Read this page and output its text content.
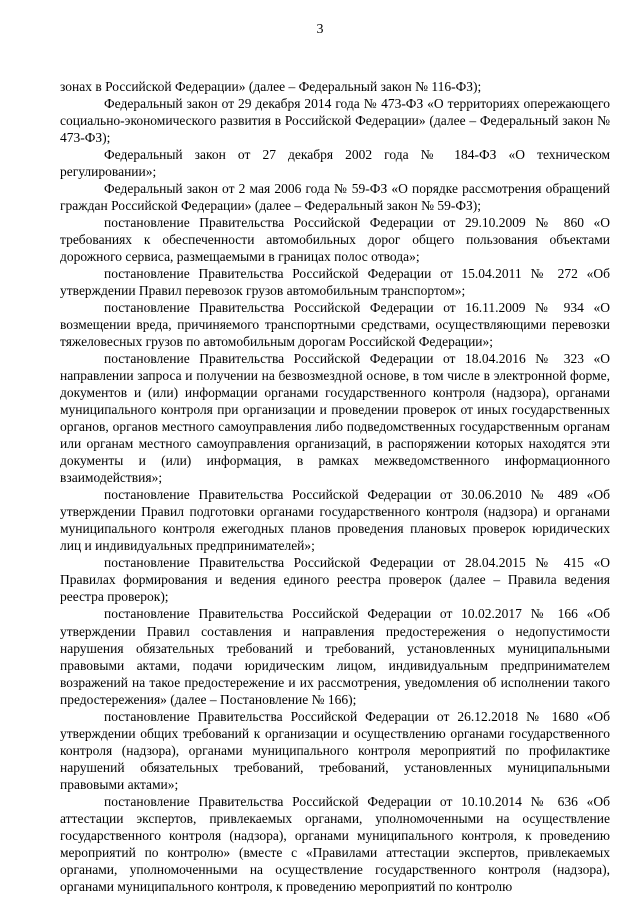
3

зонах в Российской Федерации» (далее – Федеральный закон № 116-ФЗ);

Федеральный закон от 29 декабря 2014 года № 473-ФЗ «О территориях опережающего социально-экономического развития в Российской Федерации» (далее – Федеральный закон № 473-ФЗ);

Федеральный закон от 27 декабря 2002 года № 184-ФЗ «О техническом регулировании»;

Федеральный закон от 2 мая 2006 года № 59-ФЗ «О порядке рассмотрения обращений граждан Российской Федерации» (далее – Федеральный закон № 59-ФЗ);

постановление Правительства Российской Федерации от 29.10.2009 № 860 «О требованиях к обеспеченности автомобильных дорог общего пользования объектами дорожного сервиса, размещаемыми в границах полос отвода»;

постановление Правительства Российской Федерации от 15.04.2011 № 272 «Об утверждении Правил перевозок грузов автомобильным транспортом»;

постановление Правительства Российской Федерации от 16.11.2009 № 934 «О возмещении вреда, причиняемого транспортными средствами, осуществляющими перевозки тяжеловесных грузов по автомобильным дорогам Российской Федерации»;

постановление Правительства Российской Федерации от 18.04.2016 № 323 «О направлении запроса и получении на безвозмездной основе, в том числе в электронной форме, документов и (или) информации органами государственного контроля (надзора), органами муниципального контроля при организации и проведении проверок от иных государственных органов, органов местного самоуправления либо подведомственных государственным органам или органам местного самоуправления организаций, в распоряжении которых находятся эти документы и (или) информация, в рамках межведомственного информационного взаимодействия»;

постановление Правительства Российской Федерации от 30.06.2010 № 489 «Об утверждении Правил подготовки органами государственного контроля (надзора) и органами муниципального контроля ежегодных планов проведения плановых проверок юридических лиц и индивидуальных предпринимателей»;

постановление Правительства Российской Федерации от 28.04.2015 № 415 «О Правилах формирования и ведения единого реестра проверок (далее – Правила ведения реестра проверок);

постановление Правительства Российской Федерации от 10.02.2017 № 166 «Об утверждении Правил составления и направления предостережения о недопустимости нарушения обязательных требований и требований, установленных муниципальными правовыми актами, подачи юридическим лицом, индивидуальным предпринимателем возражений на такое предостережение и их рассмотрения, уведомления об исполнении такого предостережения» (далее – Постановление № 166);

постановление Правительства Российской Федерации от 26.12.2018 № 1680 «Об утверждении общих требований к организации и осуществлению органами государственного контроля (надзора), органами муниципального контроля мероприятий по профилактике нарушений обязательных требований, требований, установленных муниципальными правовыми актами»;

постановление Правительства Российской Федерации от 10.10.2014 № 636 «Об аттестации экспертов, привлекаемых органами, уполномоченными на осуществление государственного контроля (надзора), органами муниципального контроля, к проведению мероприятий по контролю» (вместе с «Правилами аттестации экспертов, привлекаемых органами, уполномоченными на осуществление государственного контроля (надзора), органами муниципального контроля, к проведению мероприятий по контролю
